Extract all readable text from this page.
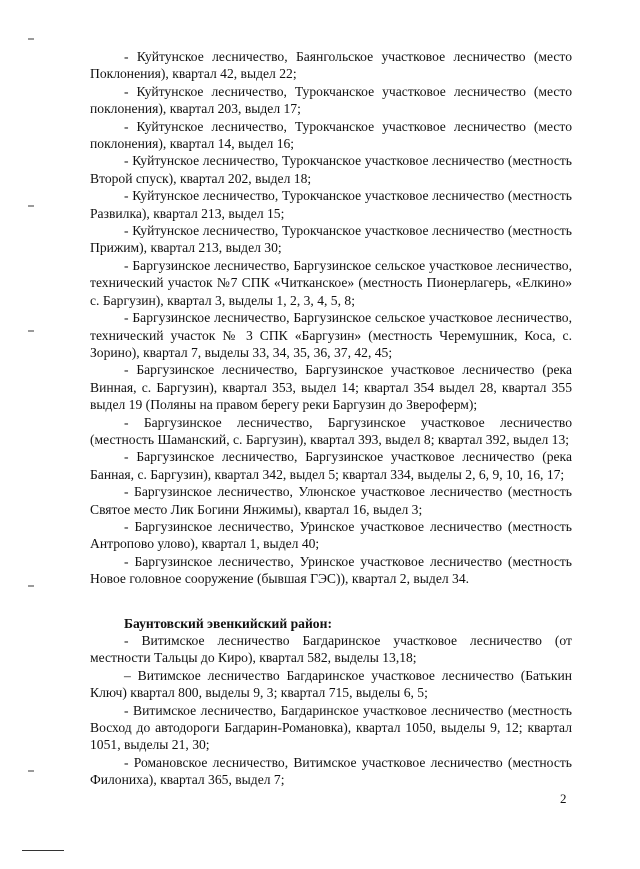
- Куйтунское лесничество, Баянгольское участковое лесничество (место Поклонения), квартал 42, выдел 22;

- Куйтунское лесничество, Турокчанское участковое лесничество (место поклонения), квартал 203, выдел 17;

- Куйтунское лесничество, Турокчанское участковое лесничество (место поклонения), квартал 14, выдел 16;

- Куйтунское лесничество, Турокчанское участковое лесничество (местность Второй спуск), квартал 202, выдел 18;

- Куйтунское лесничество, Турокчанское участковое лесничество (местность Развилка), квартал 213, выдел 15;

- Куйтунское лесничество, Турокчанское участковое лесничество (местность Прижим), квартал 213, выдел 30;

- Баргузинское лесничество, Баргузинское сельское участковое лесничество, технический участок №7 СПК «Читканское» (местность Пионерлагерь, «Елкино» с. Баргузин), квартал 3, выделы 1, 2, 3, 4, 5, 8;

- Баргузинское лесничество, Баргузинское сельское участковое лесничество, технический участок № 3 СПК «Баргузин» (местность Черемушник, Коса, с. Зорино), квартал 7, выделы 33, 34, 35, 36, 37, 42, 45;

- Баргузинское лесничество, Баргузинское участковое лесничество (река Винная, с. Баргузин), квартал 353, выдел 14; квартал 354 выдел 28, квартал 355 выдел 19 (Поляны на правом берегу реки Баргузин до Звероферм);

- Баргузинское лесничество, Баргузинское участковое лесничество (местность Шаманский, с. Баргузин), квартал 393, выдел 8; квартал 392, выдел 13;

- Баргузинское лесничество, Баргузинское участковое лесничество (река Банная, с. Баргузин), квартал 342, выдел 5; квартал 334, выделы 2, 6, 9, 10, 16, 17;

- Баргузинское лесничество, Улюнское участковое лесничество (местность Святое место Лик Богини Янжимы), квартал 16, выдел 3;

- Баргузинское лесничество, Уринское участковое лесничество (местность Антропово улово), квартал 1, выдел 40;

- Баргузинское лесничество, Уринское участковое лесничество (местность Новое головное сооружение (бывшая ГЭС)), квартал 2, выдел 34.

Баунтовский эвенкийский район:

- Витимское лесничество Багдаринское участковое лесничество (от местности Тальцы до Киро), квартал 582, выделы 13,18;

– Витимское лесничество Багдаринское участковое лесничество (Батькин Ключ) квартал 800, выделы 9, 3; квартал 715, выделы 6, 5;

- Витимское лесничество, Багдаринское участковое лесничество (местность Восход до автодороги Багдарин-Романовка), квартал 1050, выделы 9, 12; квартал 1051, выделы 21, 30;

- Романовское лесничество, Витимское участковое лесничество (местность Филониха), квартал 365, выдел 7;

2
